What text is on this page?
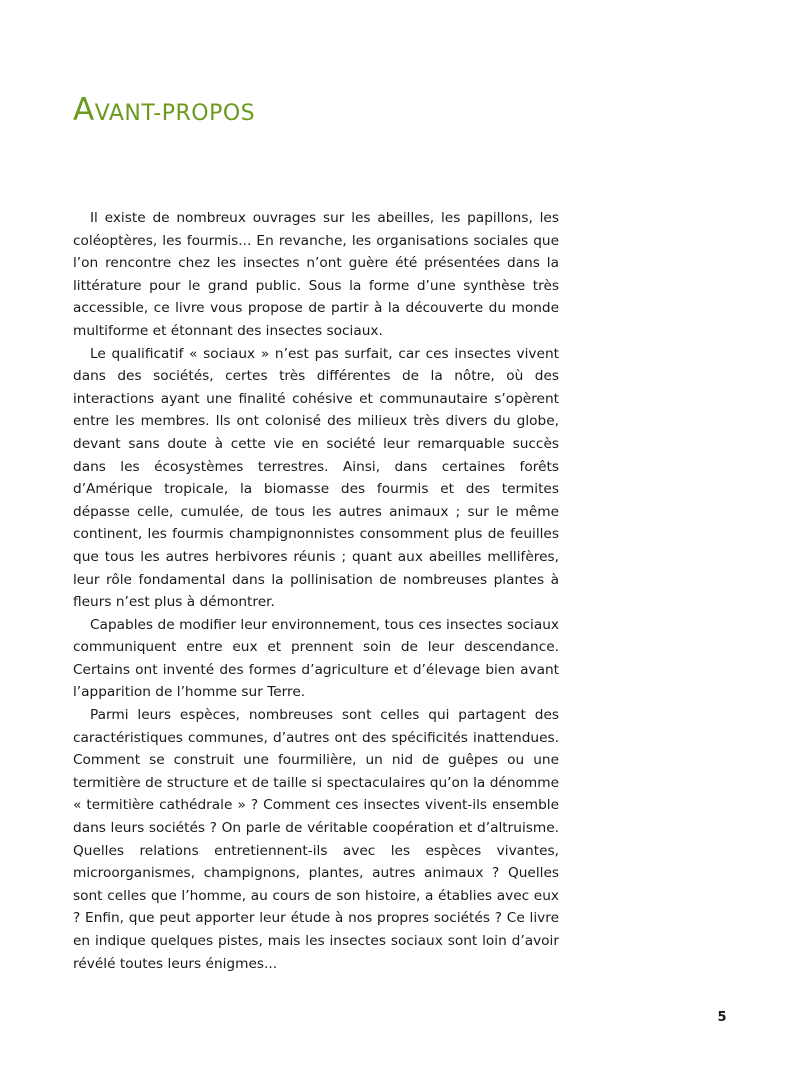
AVANT-PROPOS

Il existe de nombreux ouvrages sur les abeilles, les papillons, les coléoptères, les fourmis... En revanche, les organisations sociales que l’on rencontre chez les insectes n’ont guère été présentées dans la littérature pour le grand public. Sous la forme d’une synthèse très accessible, ce livre vous propose de partir à la découverte du monde multiforme et étonnant des insectes sociaux.

Le qualificatif « sociaux » n’est pas surfait, car ces insectes vivent dans des sociétés, certes très différentes de la nôtre, où des interactions ayant une finalité cohésive et communautaire s’opèrent entre les membres. Ils ont colonisé des milieux très divers du globe, devant sans doute à cette vie en société leur remarquable succès dans les écosystèmes terrestres. Ainsi, dans certaines forêts d’Amérique tropicale, la biomasse des fourmis et des termites dépasse celle, cumulée, de tous les autres animaux ; sur le même continent, les fourmis champignonnistes consomment plus de feuilles que tous les autres herbivores réunis ; quant aux abeilles mellifères, leur rôle fondamental dans la pollinisation de nombreuses plantes à fleurs n’est plus à démontrer.

Capables de modifier leur environnement, tous ces insectes sociaux communiquent entre eux et prennent soin de leur descendance. Certains ont inventé des formes d’agriculture et d’élevage bien avant l’apparition de l’homme sur Terre.

Parmi leurs espèces, nombreuses sont celles qui partagent des caractéristiques communes, d’autres ont des spécificités inattendues. Comment se construit une fourmilière, un nid de guêpes ou une termitière de structure et de taille si spectaculaires qu’on la dénomme « termitière cathédrale » ? Comment ces insectes vivent-ils ensemble dans leurs sociétés ? On parle de véritable coopération et d’altruisme. Quelles relations entretiennent-ils avec les espèces vivantes, microorganismes, champignons, plantes, autres animaux ? Quelles sont celles que l’homme, au cours de son histoire, a établies avec eux ? Enfin, que peut apporter leur étude à nos propres sociétés ? Ce livre en indique quelques pistes, mais les insectes sociaux sont loin d’avoir révélé toutes leurs énigmes...

5
